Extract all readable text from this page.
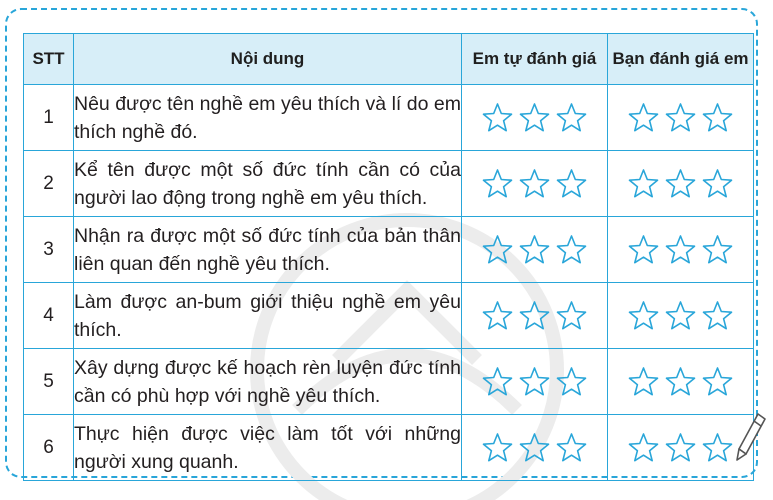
STT	Nội dung	Em tự đánh giá	Bạn đánh giá em
1	Nêu được tên nghề em yêu thích và lí do em thích nghề đó.		
2	Kể tên được một số đức tính cần có của người lao động trong nghề em yêu thích.		
3	Nhận ra được một số đức tính của bản thân liên quan đến nghề yêu thích.		
4	Làm được an-bum giới thiệu nghề em yêu thích.		
5	Xây dựng được kế hoạch rèn luyện đức tính cần có phù hợp với nghề yêu thích.		
6	Thực hiện được việc làm tốt với những người xung quanh.		
